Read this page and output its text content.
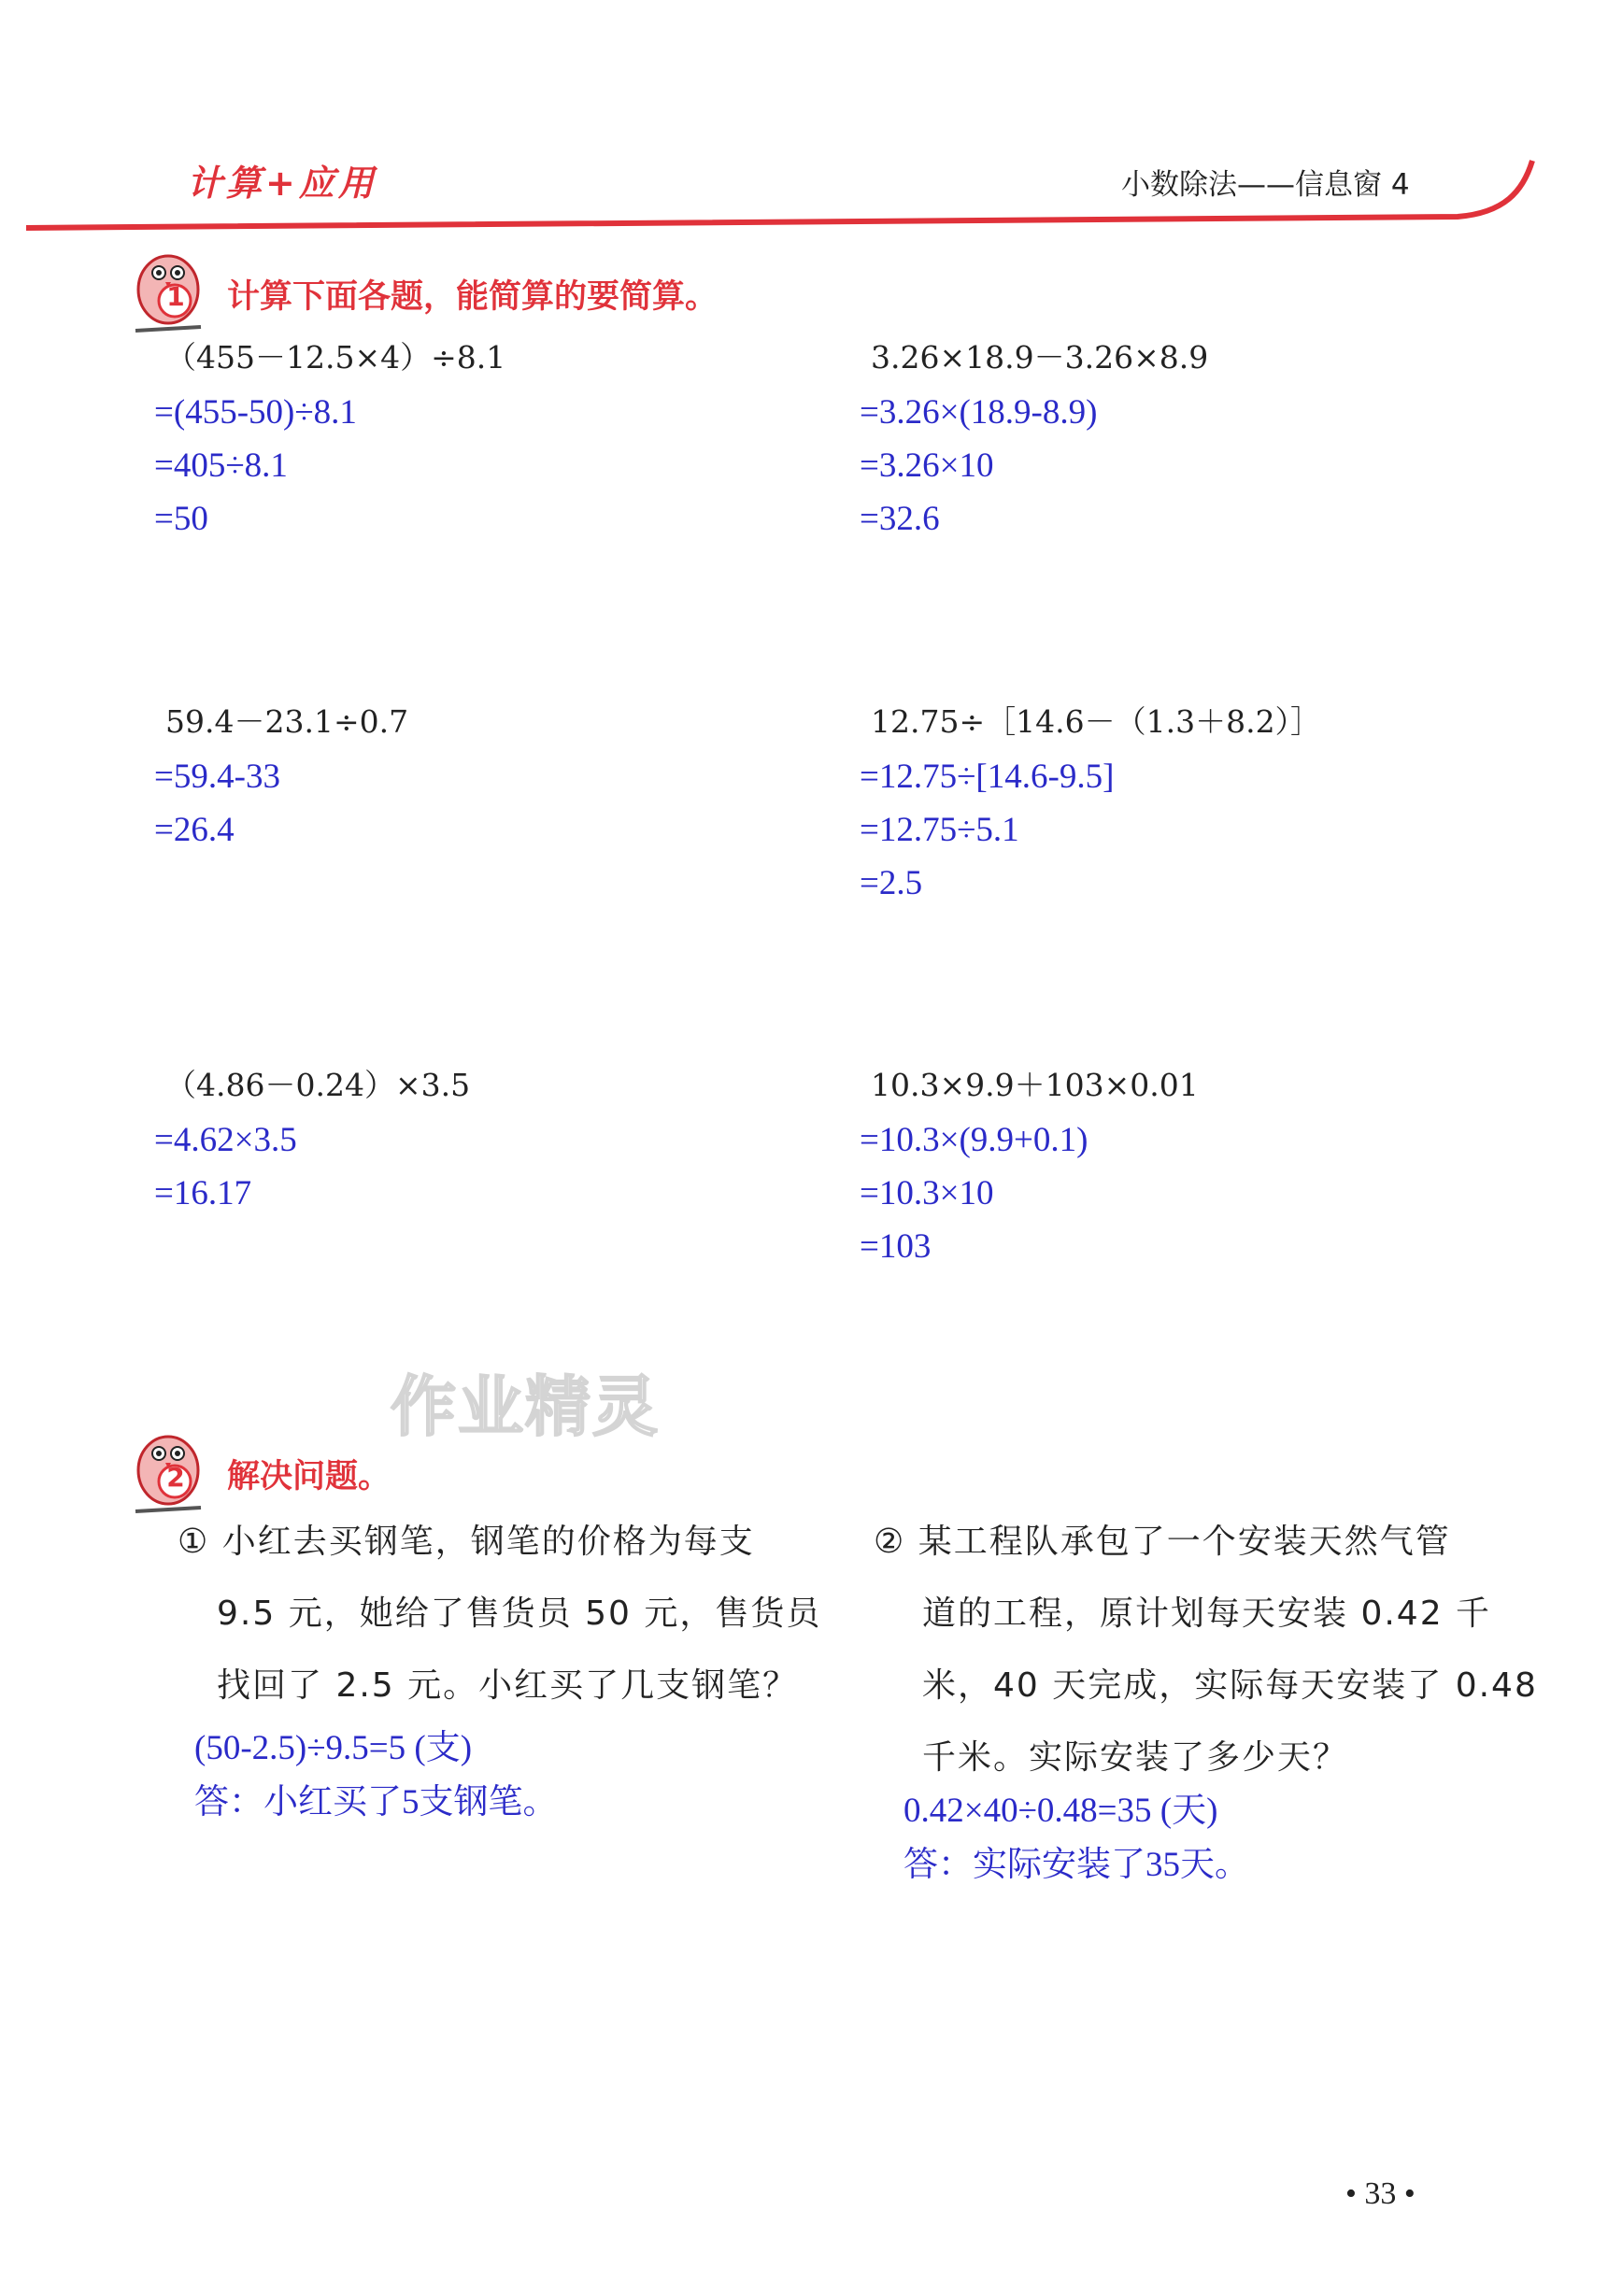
计算+应用	小数除法——信息窗 4
1 计算下面各题，能简算的要简算。
（455－12.5×4）÷8.1
=(455-50)÷8.1
=405÷8.1
=50
3.26×18.9－3.26×8.9
=3.26×(18.9-8.9)
=3.26×10
=32.6
59.4－23.1÷0.7
=59.4-33
=26.4
12.75÷［14.6－（1.3＋8.2）］
=12.75÷[14.6-9.5]
=12.75÷5.1
=2.5
（4.86－0.24）×3.5
=4.62×3.5
=16.17
10.3×9.9＋103×0.01
=10.3×(9.9+0.1)
=10.3×10
=103
作业精灵
2 解决问题。
① 小红去买钢笔，钢笔的价格为每支
9.5 元，她给了售货员 50 元，售货员
找回了 2.5 元。小红买了几支钢笔？
(50-2.5)÷9.5=5 (支)
答：小红买了5支钢笔。
② 某工程队承包了一个安装天然气管
道的工程，原计划每天安装 0.42 千
米，40 天完成，实际每天安装了 0.48
千米。实际安装了多少天？
0.42×40÷0.48=35 (天)
答：实际安装了35天。
• 33 •
